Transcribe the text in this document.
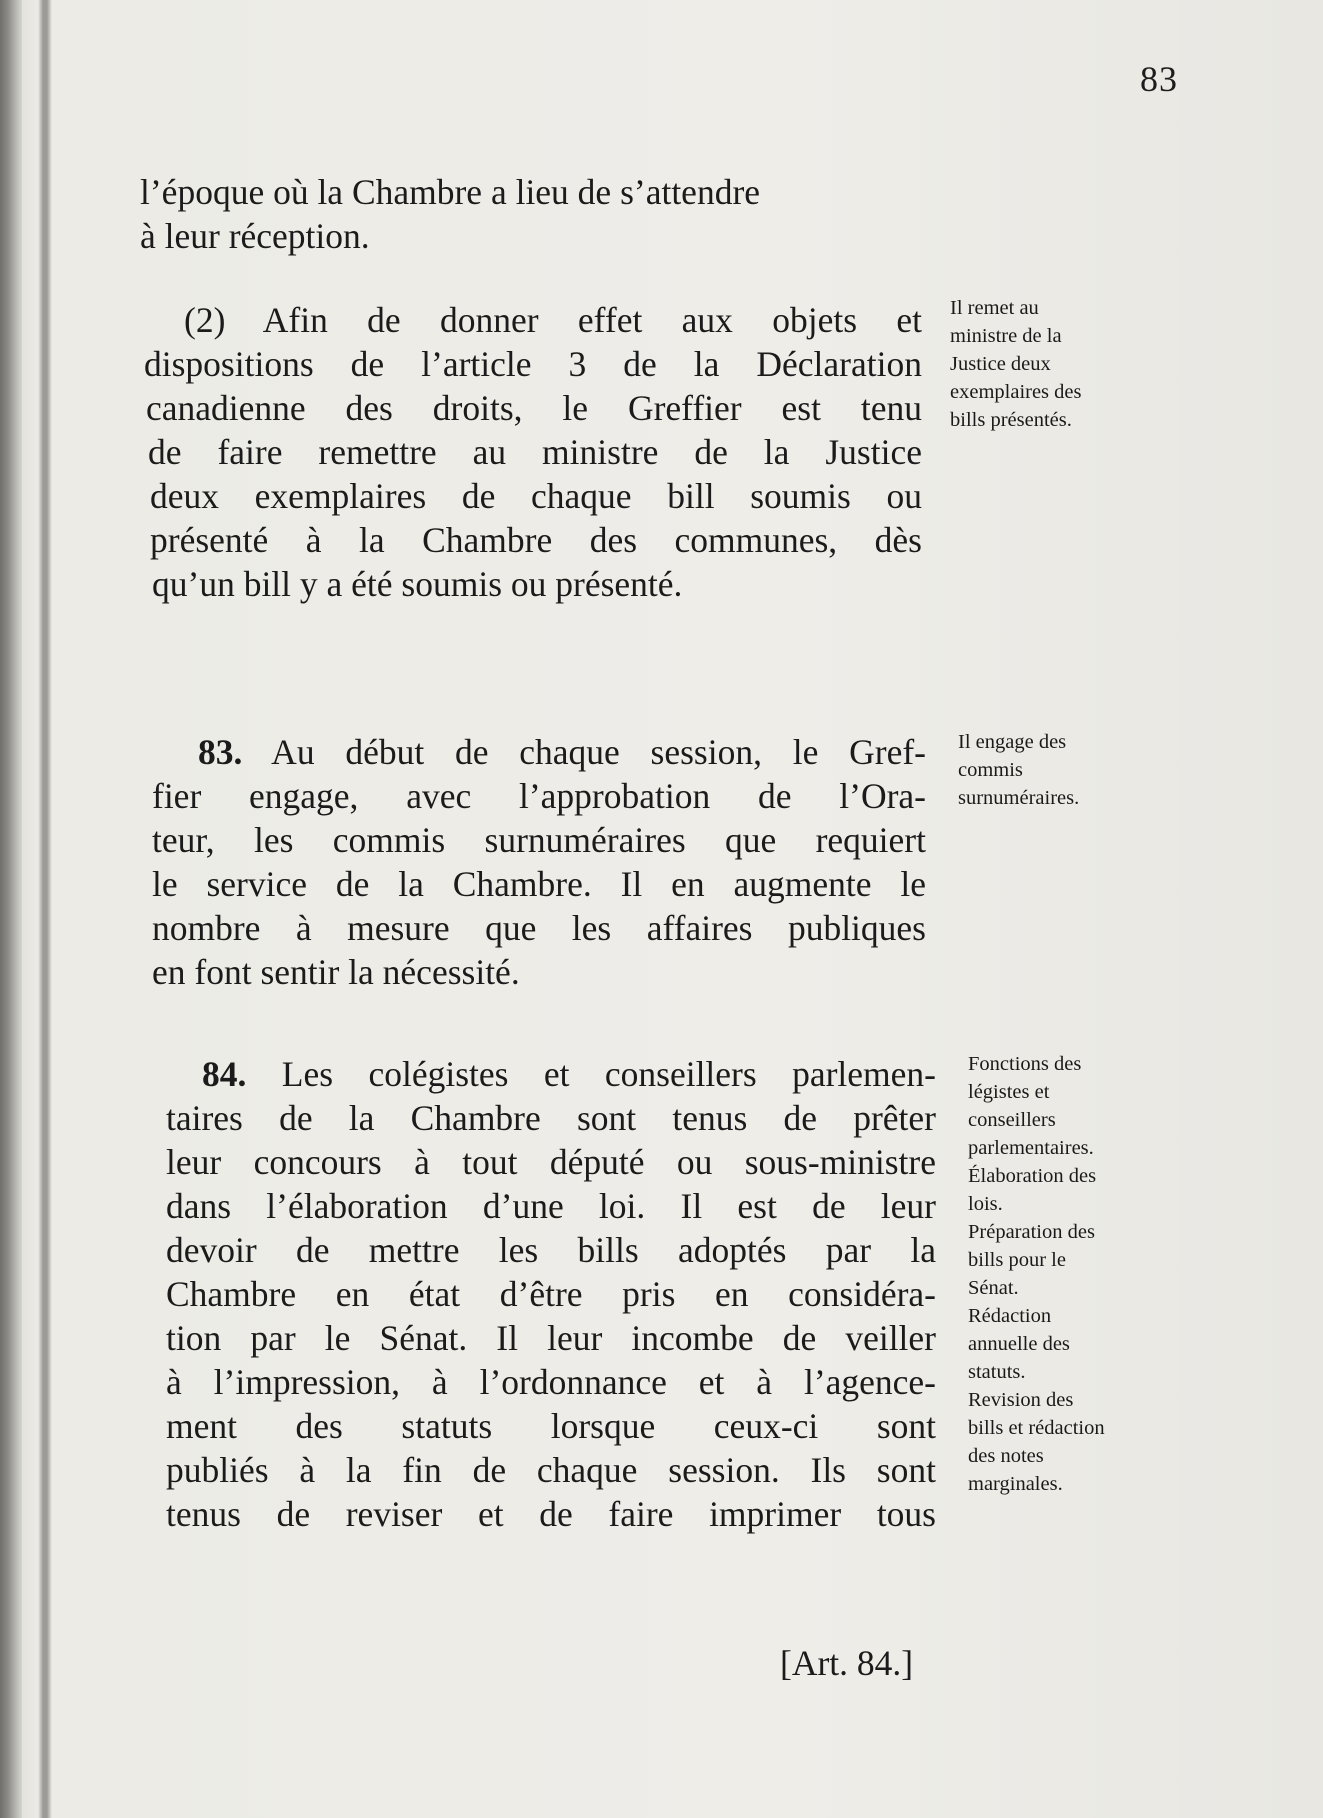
83
l’époque où la Chambre a lieu de s’attendre
à leur réception.
(2) Afin de donner effet aux objets et
dispositions de l’article 3 de la Déclaration
canadienne des droits, le Greffier est tenu
de faire remettre au ministre de la Justice
deux exemplaires de chaque bill soumis ou
présenté à la Chambre des communes, dès
qu’un bill y a été soumis ou présenté.
Il remet au
ministre de la
Justice deux
exemplaires des
bills présentés.
83. Au début de chaque session, le Gref-
fier engage, avec l’approbation de l’Ora-
teur, les commis surnuméraires que requiert
le service de la Chambre. Il en augmente le
nombre à mesure que les affaires publiques
en font sentir la nécessité.
Il engage des
commis
surnuméraires.
84. Les colégistes et conseillers parlemen-
taires de la Chambre sont tenus de prêter
leur concours à tout député ou sous-ministre
dans l’élaboration d’une loi. Il est de leur
devoir de mettre les bills adoptés par la
Chambre en état d’être pris en considéra-
tion par le Sénat. Il leur incombe de veiller
à l’impression, à l’ordonnance et à l’agence-
ment des statuts lorsque ceux-ci sont
publiés à la fin de chaque session. Ils sont
tenus de reviser et de faire imprimer tous
Fonctions des
légistes et
conseillers
parlementaires.
Élaboration des
lois.
Préparation des
bills pour le
Sénat.
Rédaction
annuelle des
statuts.
Revision des
bills et rédaction
des notes
marginales.
[Art. 84.]
